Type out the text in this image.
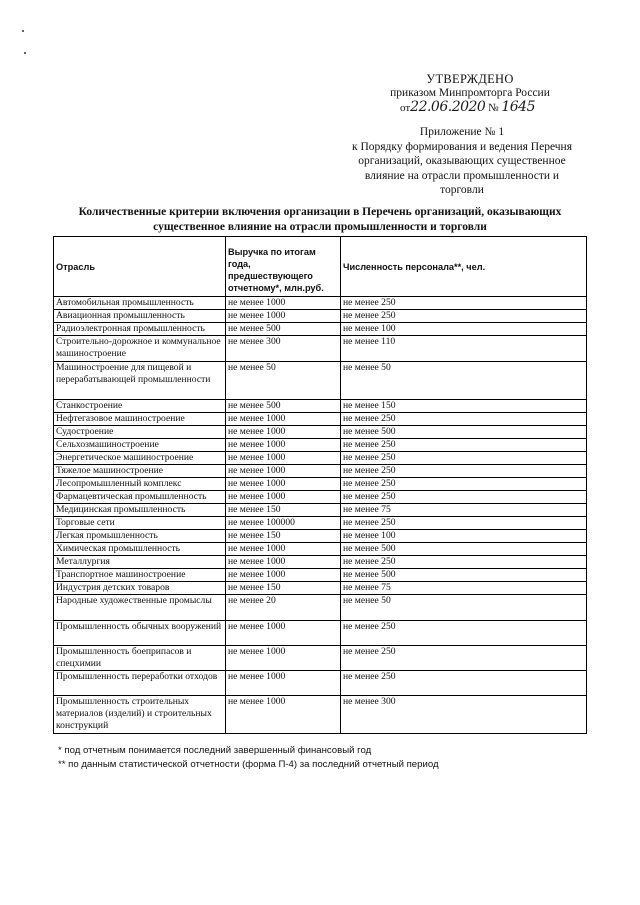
УТВЕРЖДЕНО
приказом Минпромторга России
от22.06.2020 № 1645
Приложение № 1
к Порядку формирования и ведения Перечня
организаций, оказывающих существенное
влияние на отрасли промышленности и
торговли
Количественные критерии включения организации в Перечень организаций, оказывающих
существенное влияние на отрасли промышленности и торговли
Отрасль	Выручка по итогам года, предшествующего отчетному*, млн.руб.	Численность персонала**, чел.
Автомобильная промышленность	не менее 1000	не менее 250
Авиационная промышленность	не менее 1000	не менее 250
Радиоэлектронная промышленность	не менее 500	не менее 100
Строительно-дорожное и коммунальное машиностроение	не менее 300	не менее 110
Машиностроение для пищевой и перерабатывающей промышленности	не менее 50	не менее 50
Станкостроение	не менее 500	не менее 150
Нефтегазовое машиностроение	не менее 1000	не менее 250
Судостроение	не менее 1000	не менее 500
Сельхозмашиностроение	не менее 1000	не менее 250
Энергетическое машиностроение	не менее 1000	не менее 250
Тяжелое машиностроение	не менее 1000	не менее 250
Лесопромышленный комплекс	не менее 1000	не менее 250
Фармацевтическая промышленность	не менее 1000	не менее 250
Медицинская промышленность	не менее 150	не менее 75
Торговые сети	не менее 100000	не менее 250
Легкая промышленность	не менее 150	не менее 100
Химическая промышленность	не менее 1000	не менее 500
Металлургия	не менее 1000	не менее 250
Транспортное машиностроение	не менее 1000	не менее 500
Индустрия детских товаров	не менее 150	не менее 75
Народные художественные промыслы	не менее 20	не менее 50
Промышленность обычных вооружений	не менее 1000	не менее 250
Промышленность боеприпасов и спецхимии	не менее 1000	не менее 250
Промышленность переработки отходов	не менее 1000	не менее 250
Промышленность строительных материалов (изделий) и строительных конструкций	не менее 1000	не менее 300
* под отчетным понимается последний завершенный финансовый год
** по данным статистической отчетности (форма П-4) за последний отчетный период
